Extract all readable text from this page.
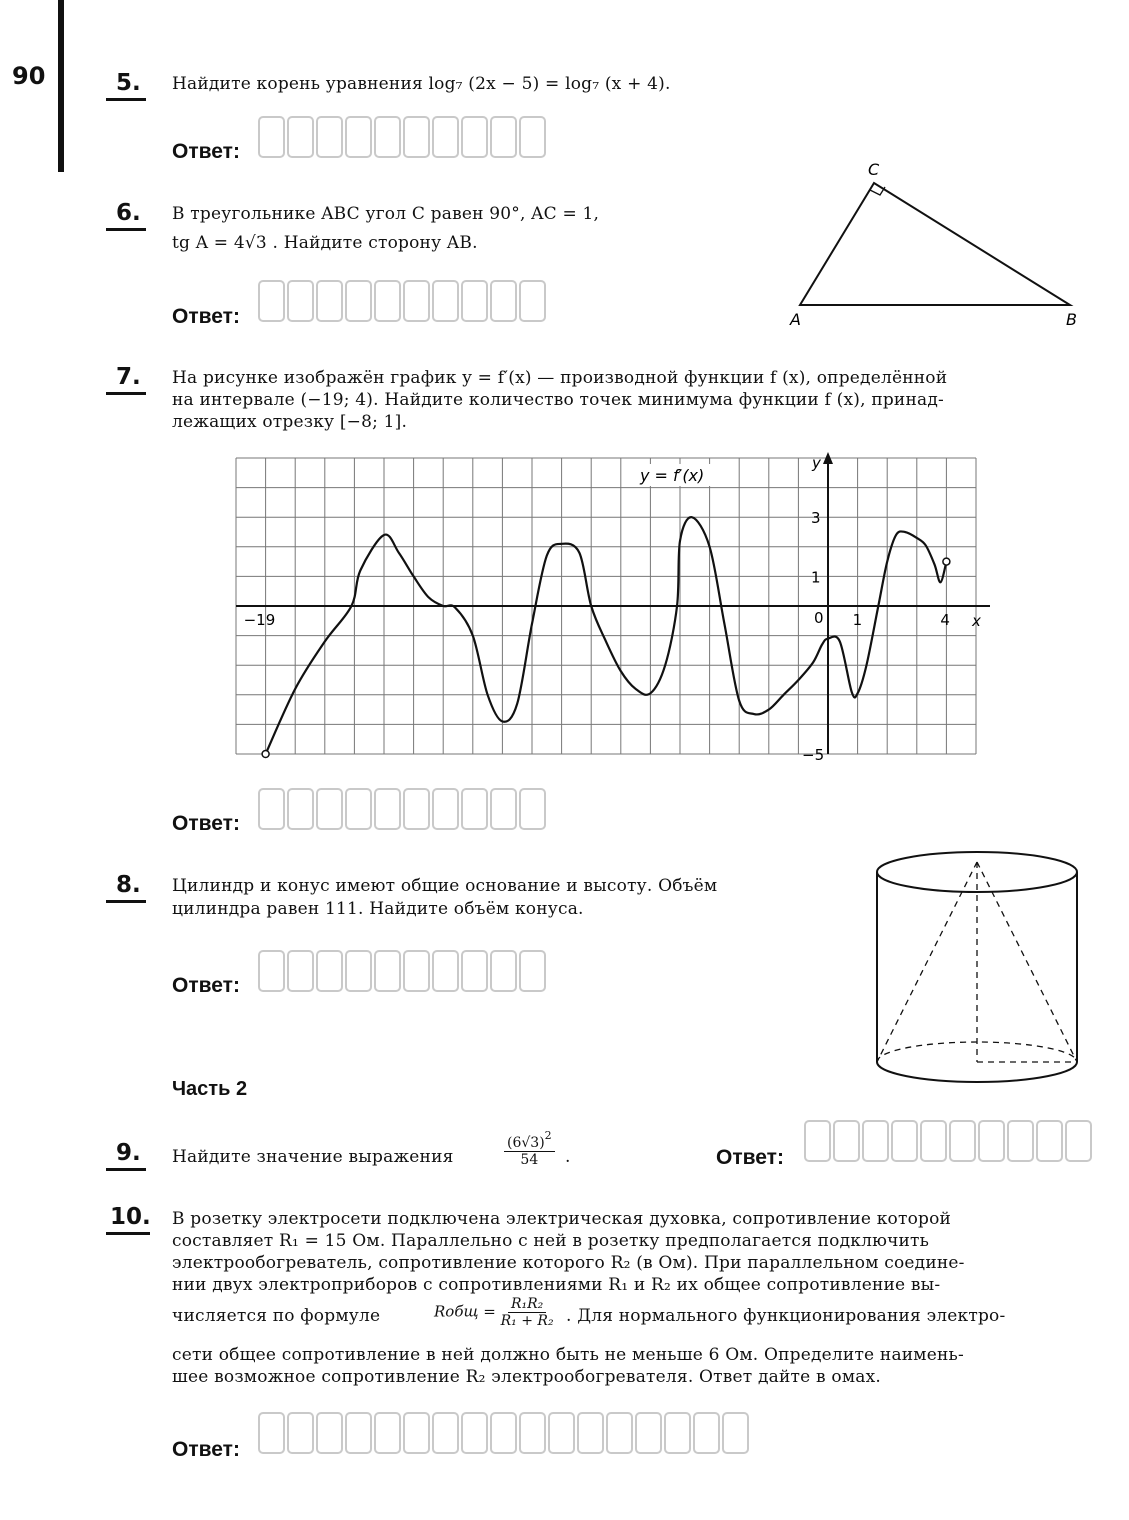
90	5. Найдите корень уравнения log₇ (2x − 5) = log₇ (x + 4).
Ответ:
6. В треугольнике ABC угол C равен 90°, AC = 1,
tg A = 4√3 . Найдите сторону AB.
Ответ:
C
A	B
7. На рисунке изображён график y = f′(x) — производной функции f (x), определённой
на интервале (−19; 4). Найдите количество точек минимума функции f (x), принад-
лежащих отрезку [−8; 1].
y = f′(x)
y
x
−19	0 1	4
3
1
−5
Ответ:
8. Цилиндр и конус имеют общие основание и высоту. Объём
цилиндра равен 111. Найдите объём конуса.
Ответ:
Часть 2
9. Найдите значение выражения	$\frac{(6√3)^2}{54}$ .	Ответ:
10. В розетку электросети подключена электрическая духовка, сопротивление которой
составляет R₁ = 15 Ом. Параллельно с ней в розетку предполагается подключить
электрообогреватель, сопротивление которого R₂ (в Ом). При параллельном соедине-
нии двух электроприборов с сопротивлениями R₁ и R₂ их общее сопротивление вы-
числяется по формуле	Rобщ = $\frac{\text{R₁R₂}}{\text{R₁ + R₂}}$ . Для нормального функционирования электро-
сети общее сопротивление в ней должно быть не меньше 6 Ом. Определите наимень-
шее возможное сопротивление R₂ электрообогревателя. Ответ дайте в омах.
Ответ:
